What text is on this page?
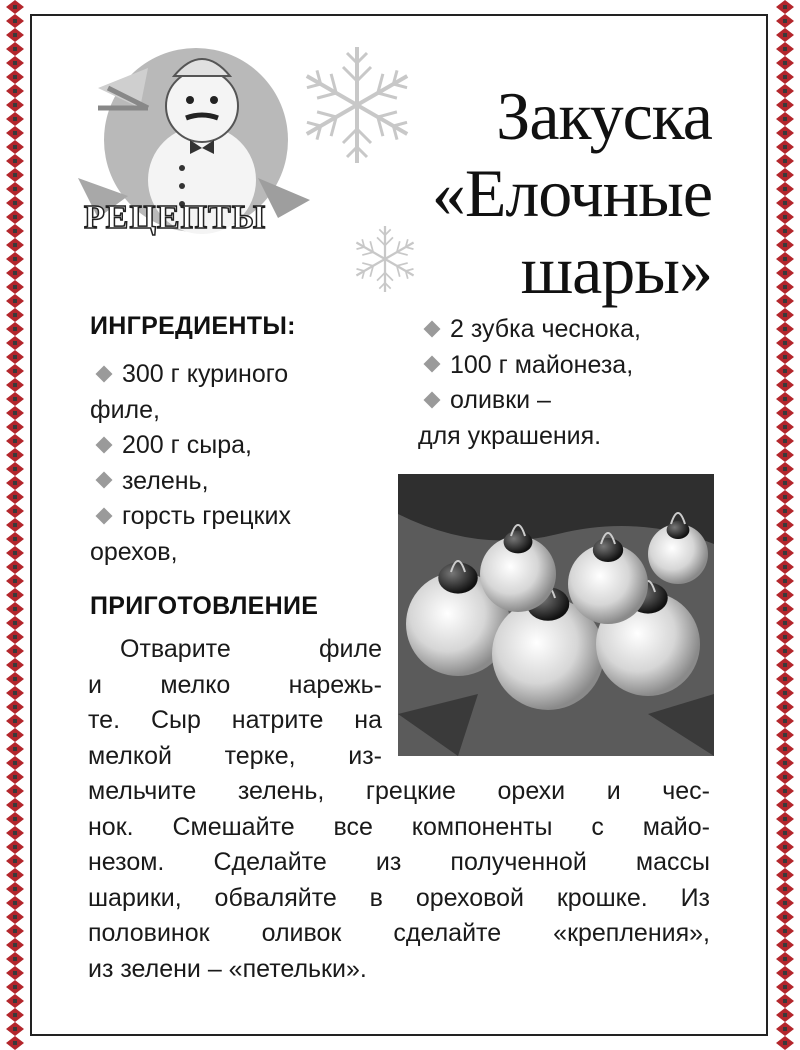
РЕЦЕПТЫ
Закуска
«Елочные
шары»
ИНГРЕДИЕНТЫ:
300 г куриного
филе,
200 г сыра,
зелень,
горсть грецких
орехов,
2 зубка чеснока,
100 г майонеза,
оливки –
для украшения.
ПРИГОТОВЛЕНИЕ
Отварите филе
и мелко нарежь-
те. Сыр натрите на
мелкой терке, из-
мельчите зелень, грецкие орехи и чес-
нок. Смешайте все компоненты с майо-
незом. Сделайте из полученной массы
шарики, обваляйте в ореховой крошке. Из
половинок оливок сделайте «крепления»,
из зелени – «петельки».
